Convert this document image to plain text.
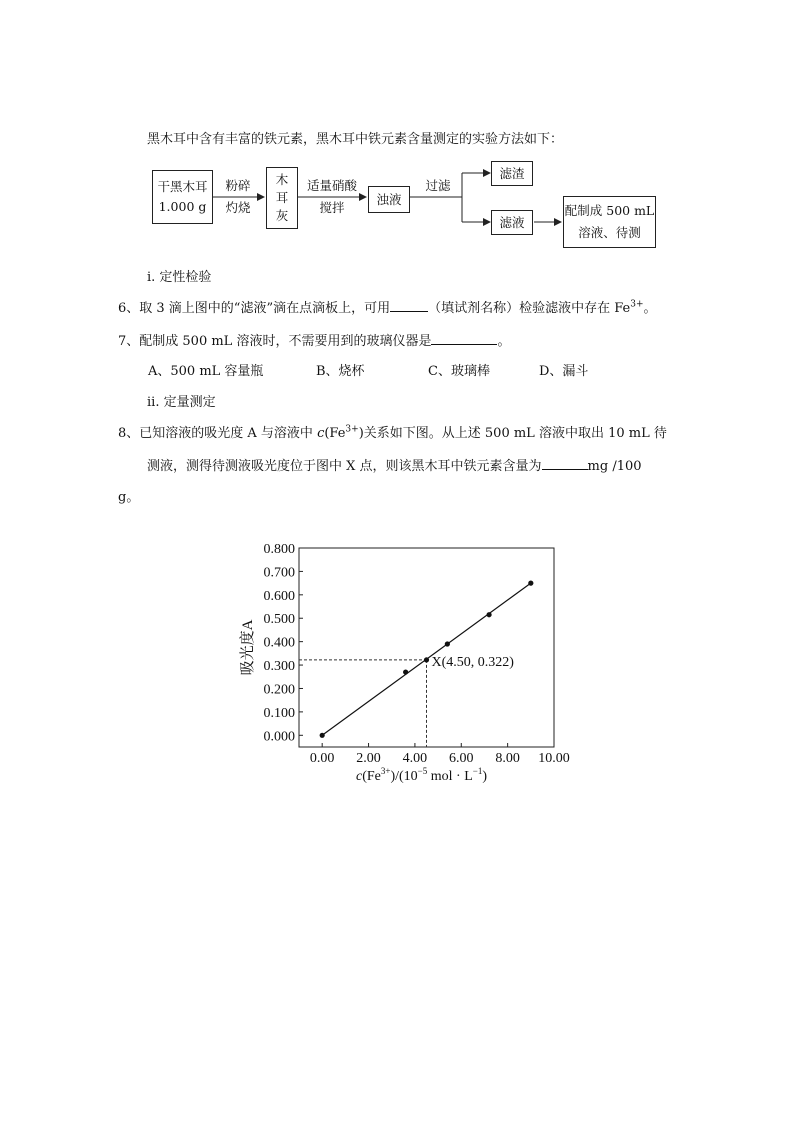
黑木耳中含有丰富的铁元素，黑木耳中铁元素含量测定的实验方法如下：
干黑木耳
1.000 g
粉碎
灼烧
木
耳
灰
适量硝酸
搅拌
浊液
过滤
滤渣
滤液
配制成 500 mL
溶液、待测
i. 定性检验
6、取 3 滴上图中的“滤液”滴在点滴板上，可用	（填试剂名称）检验滤液中存在 $Fe^{3+}$。
7、配制成 500 mL 溶液时，不需要用到的玻璃仪器是	。
A、500 mL 容量瓶	B、烧杯	C、玻璃棒	D、漏斗
ii. 定量测定
8、已知溶液的吸光度 A 与溶液中 $c(Fe^{3+})$关系如下图。从上述 500 mL 溶液中取出 10 mL 待
测液，测得待测液吸光度位于图中 X 点，则该黑木耳中铁元素含量为	mg /100
g。
0.000
0.100
0.200
0.300
0.400
0.500
0.600
0.700
0.800
0.00 2.00 4.00 6.00 8.00 10.00
X(4.50, 0.322)
吸光度A
$c(Fe^{3+})/(10^{-5}$ mol · $L^{-1}$)
